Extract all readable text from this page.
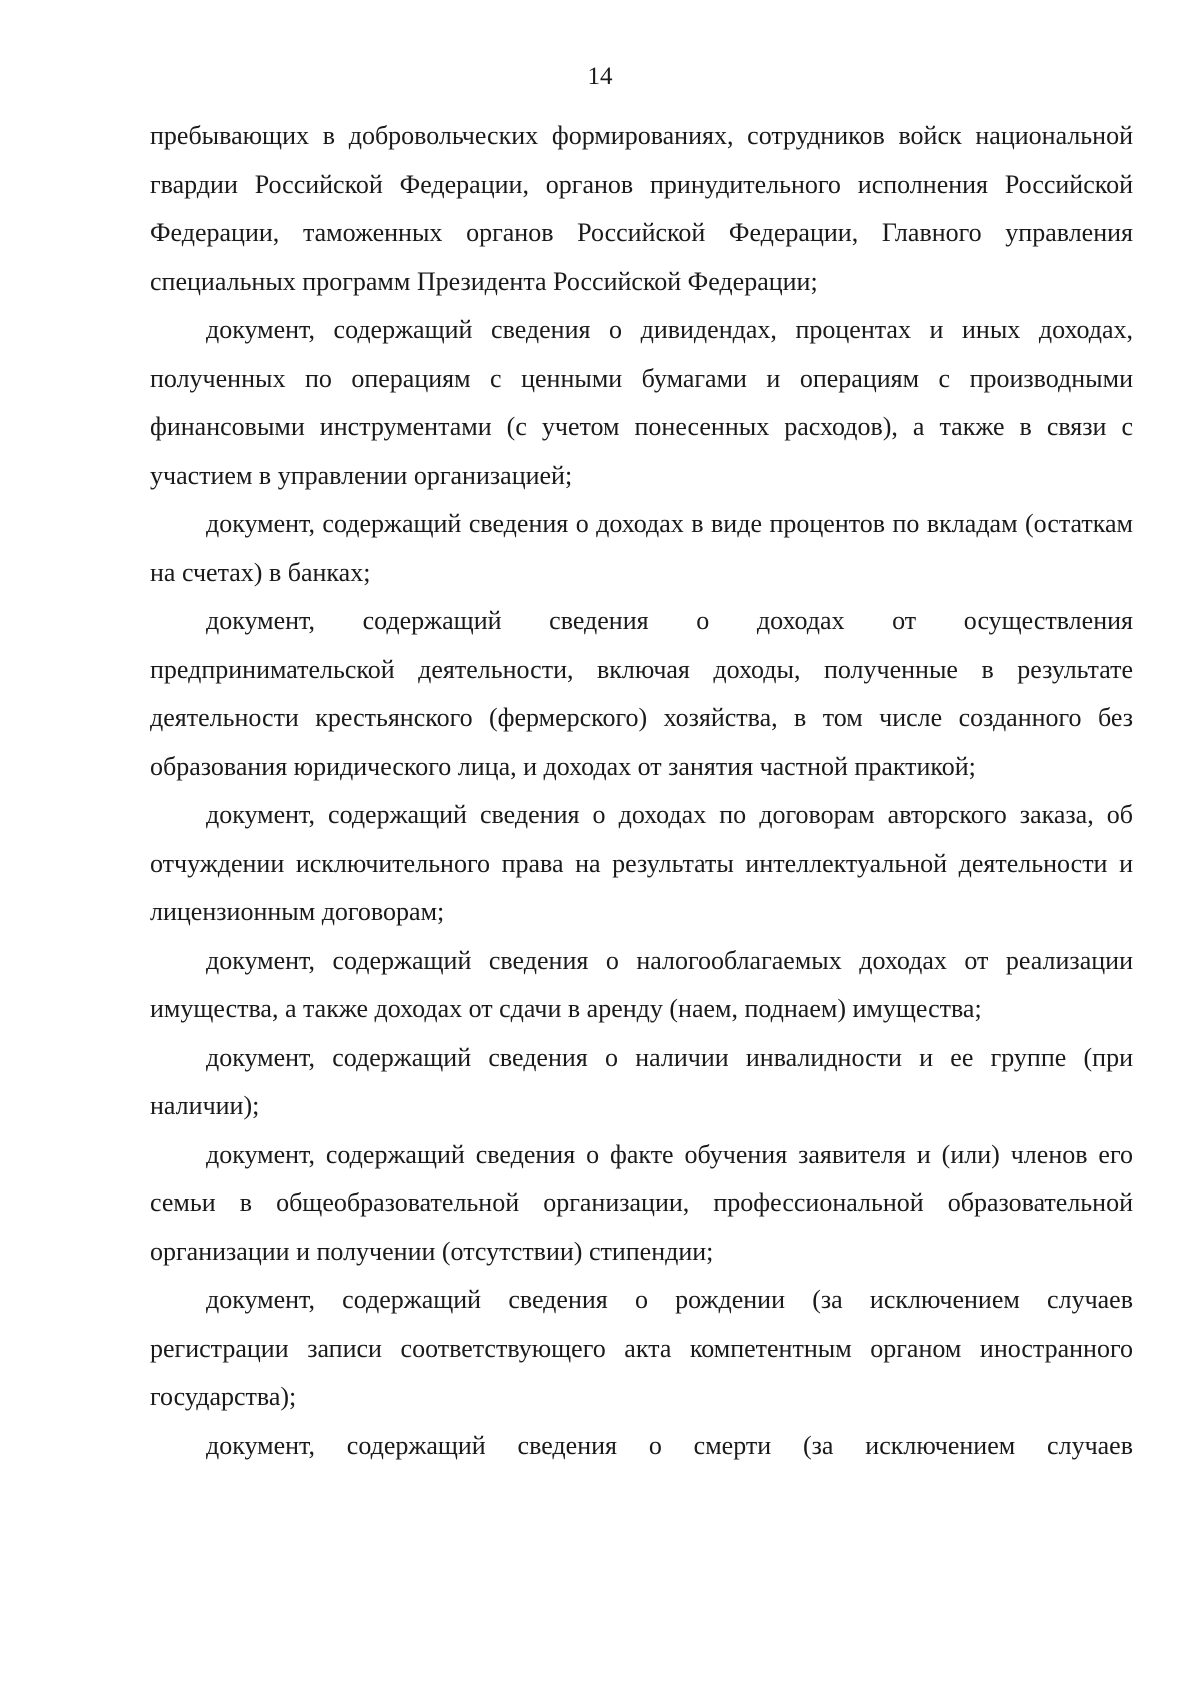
14

пребывающих в добровольческих формированиях, сотрудников войск национальной гвардии Российской Федерации, органов принудительного исполнения Российской Федерации, таможенных органов Российской Федерации, Главного управления специальных программ Президента Российской Федерации;

документ, содержащий сведения о дивидендах, процентах и иных доходах, полученных по операциям с ценными бумагами и операциям с производными финансовыми инструментами (с учетом понесенных расходов), а также в связи с участием в управлении организацией;

документ, содержащий сведения о доходах в виде процентов по вкладам (остаткам на счетах) в банках;

документ, содержащий сведения о доходах от осуществления предпринимательской деятельности, включая доходы, полученные в результате деятельности крестьянского (фермерского) хозяйства, в том числе созданного без образования юридического лица, и доходах от занятия частной практикой;

документ, содержащий сведения о доходах по договорам авторского заказа, об отчуждении исключительного права на результаты интеллектуальной деятельности и лицензионным договорам;

документ, содержащий сведения о налогооблагаемых доходах от реализации имущества, а также доходах от сдачи в аренду (наем, поднаем) имущества;

документ, содержащий сведения о наличии инвалидности и ее группе (при наличии);

документ, содержащий сведения о факте обучения заявителя и (или) членов его семьи в общеобразовательной организации, профессиональной образовательной организации и получении (отсутствии) стипендии;

документ, содержащий сведения о рождении (за исключением случаев регистрации записи соответствующего акта компетентным органом иностранного государства);

документ, содержащий сведения о смерти (за исключением случаев
